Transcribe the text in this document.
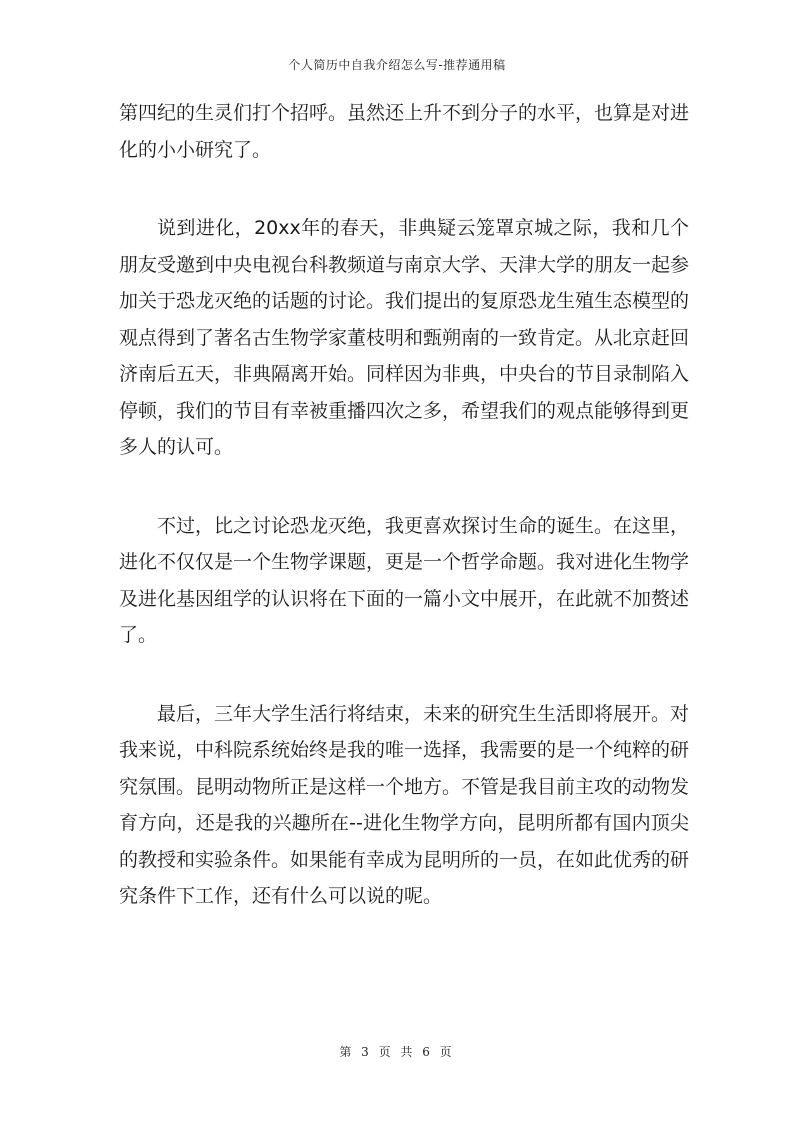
个人简历中自我介绍怎么写-推荐通用稿

第四纪的生灵们打个招呼。虽然还上升不到分子的水平，也算是对进化的小小研究了。

说到进化，20xx年的春天，非典疑云笼罩京城之际，我和几个朋友受邀到中央电视台科教频道与南京大学、天津大学的朋友一起参加关于恐龙灭绝的话题的讨论。我们提出的复原恐龙生殖生态模型的观点得到了著名古生物学家董枝明和甄朔南的一致肯定。从北京赶回济南后五天，非典隔离开始。同样因为非典，中央台的节目录制陷入停顿，我们的节目有幸被重播四次之多，希望我们的观点能够得到更多人的认可。

不过，比之讨论恐龙灭绝，我更喜欢探讨生命的诞生。在这里，进化不仅仅是一个生物学课题，更是一个哲学命题。我对进化生物学及进化基因组学的认识将在下面的一篇小文中展开，在此就不加赘述了。

最后，三年大学生活行将结束，未来的研究生生活即将展开。对我来说，中科院系统始终是我的唯一选择，我需要的是一个纯粹的研究氛围。昆明动物所正是这样一个地方。不管是我目前主攻的动物发育方向，还是我的兴趣所在--进化生物学方向，昆明所都有国内顶尖的教授和实验条件。如果能有幸成为昆明所的一员，在如此优秀的研究条件下工作，还有什么可以说的呢。

第 3 页 共 6 页
